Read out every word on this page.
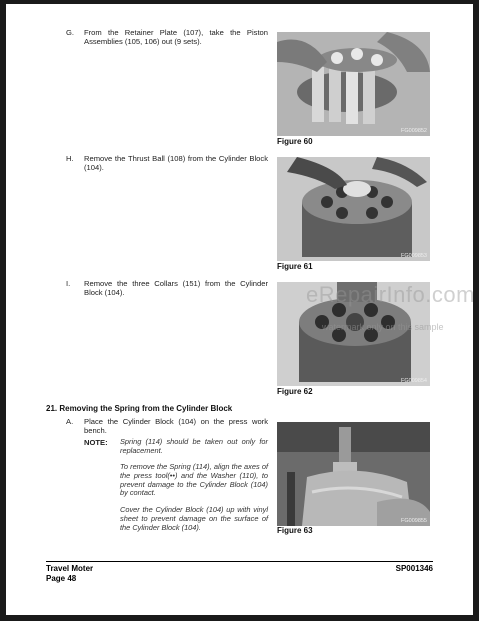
G. From the Retainer Plate (107), take the Piston Assemblies (105, 106) out (9 sets).
FG009852
Figure 60
H. Remove the Thrust Ball (108) from the Cylinder Block (104).
FG009853
Figure 61
I. Remove the three Collars (151) from the Cylinder Block (104).
FG009854
Figure 62
eRepairInfo.com
watermark only on this sample
21. Removing the Spring from the Cylinder Block
A. Place the Cylinder Block (104) on the press work bench.
NOTE: Spring (114) should be taken out only for replacement.
To remove the Spring (114), align the axes of the press tool(••) and the Washer (110), to prevent damage to the Cylinder Block (104) by contact.
Cover the Cylinder Block (104) up with vinyl sheet to prevent damage on the surface of the Cylinder Block (104).
FG009855
Figure 63
Travel Moter
Page 48
SP001346
